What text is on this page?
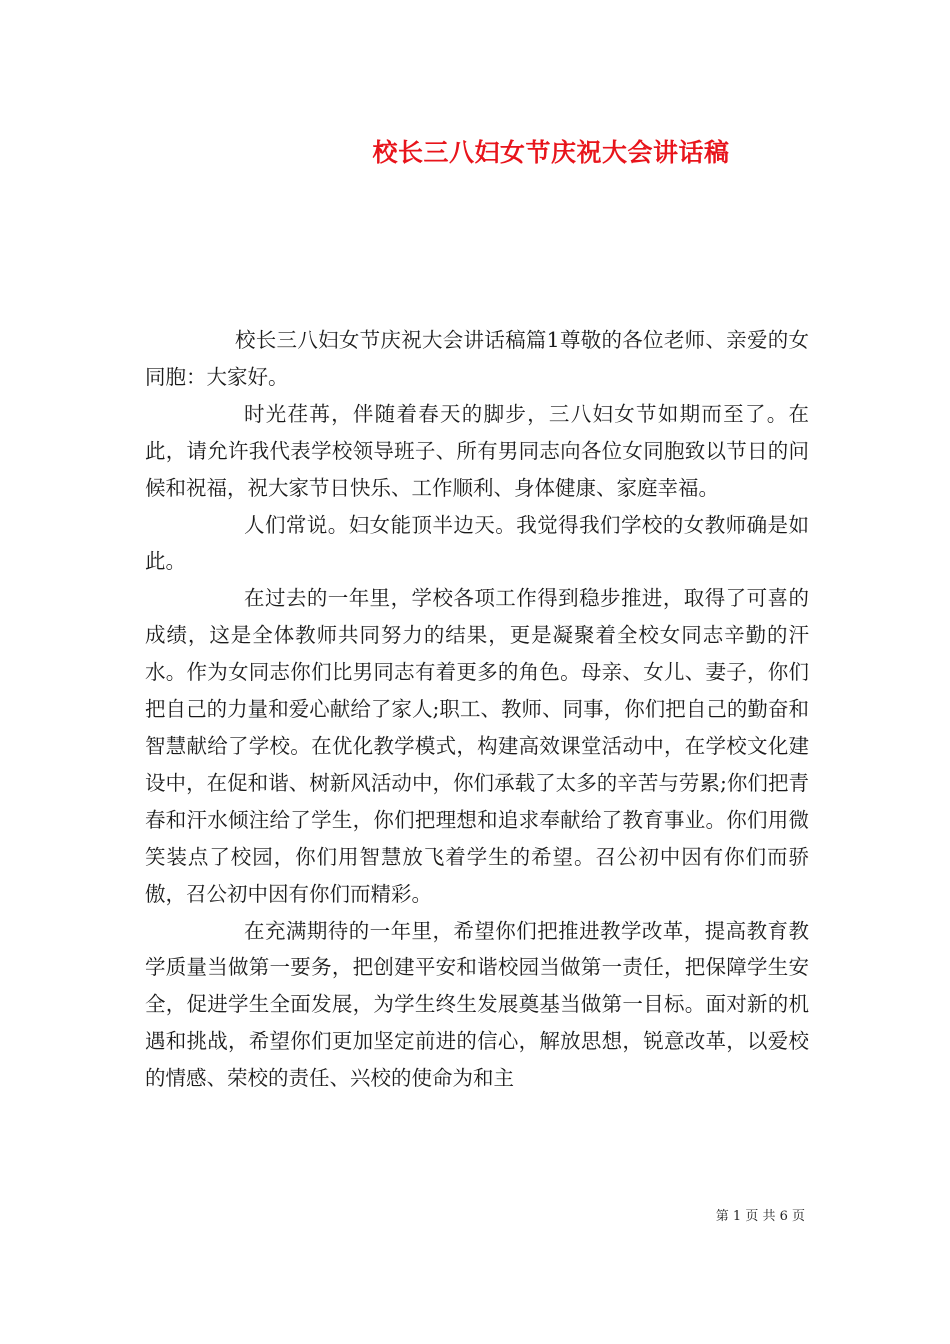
校长三八妇女节庆祝大会讲话稿

校长三八妇女节庆祝大会讲话稿篇1尊敬的各位老师、亲爱的女同胞：大家好。

时光荏苒，伴随着春天的脚步，三八妇女节如期而至了。在此，请允许我代表学校领导班子、所有男同志向各位女同胞致以节日的问候和祝福，祝大家节日快乐、工作顺利、身体健康、家庭幸福。

人们常说。妇女能顶半边天。我觉得我们学校的女教师确是如此。

在过去的一年里，学校各项工作得到稳步推进，取得了可喜的成绩，这是全体教师共同努力的结果，更是凝聚着全校女同志辛勤的汗水。作为女同志你们比男同志有着更多的角色。母亲、女儿、妻子，你们把自己的力量和爱心献给了家人;职工、教师、同事，你们把自己的勤奋和智慧献给了学校。在优化教学模式，构建高效课堂活动中，在学校文化建设中，在促和谐、树新风活动中，你们承载了太多的辛苦与劳累;你们把青春和汗水倾注给了学生，你们把理想和追求奉献给了教育事业。你们用微笑装点了校园，你们用智慧放飞着学生的希望。召公初中因有你们而骄傲，召公初中因有你们而精彩。

在充满期待的一年里，希望你们把推进教学改革，提高教育教学质量当做第一要务，把创建平安和谐校园当做第一责任，把保障学生安全，促进学生全面发展，为学生终生发展奠基当做第一目标。面对新的机遇和挑战，希望你们更加坚定前进的信心，解放思想，锐意改革，以爱校的情感、荣校的责任、兴校的使命为和主

第 1 页 共 6 页
